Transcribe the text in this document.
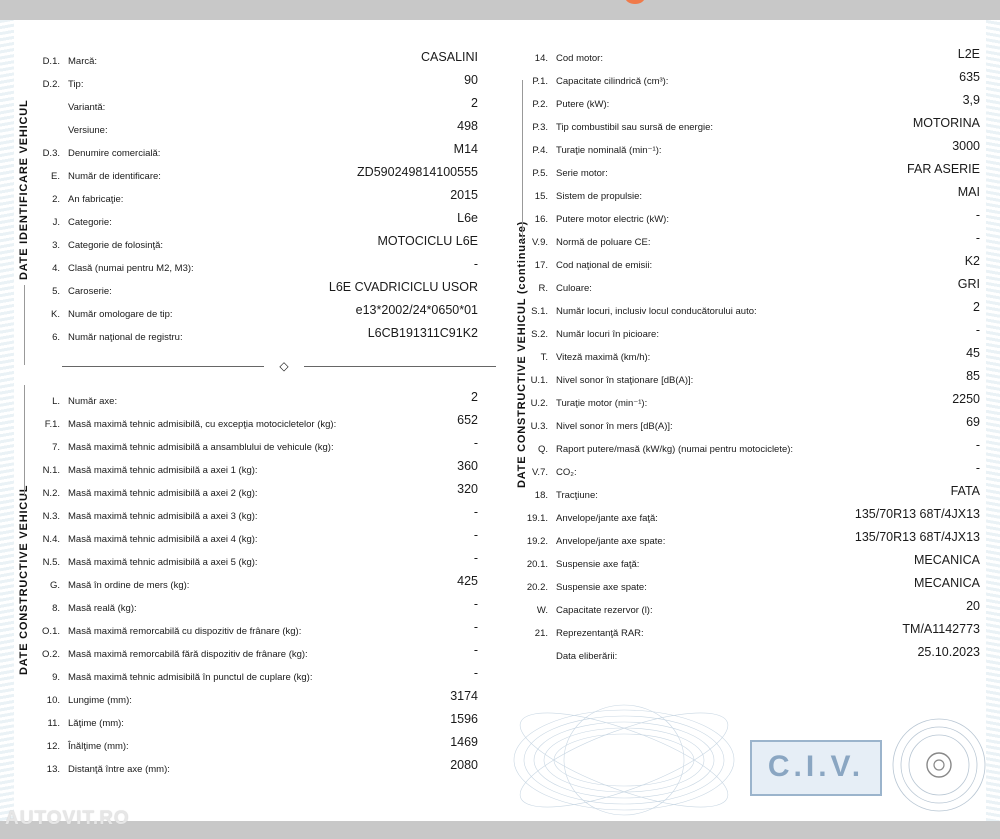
DATE IDENTIFICARE VEHICUL
DATE CONSTRUCTIVE VEHICUL
DATE CONSTRUCTIVE VEHICUL (continuare)
D.1. Marcă:	CASALINI
D.2. Tip:	90
Variantă:	2
Versiune:	498
D.3. Denumire comercială:	M14
E. Număr de identificare:	ZD590249814100555
2. An fabricaţie:	2015
J. Categorie:	L6e
3. Categorie de folosinţă:	MOTOCICLU L6E
4. Clasă (numai pentru M2, M3):	-
5. Caroserie:	L6E CVADRICICLU USOR
K. Număr omologare de tip:	e13*2002/24*0650*01
6. Număr naţional de registru:	L6CB191311C91K2
◇
L. Număr axe:	2
F.1. Masă maximă tehnic admisibilă, cu excepţia motocicletelor (kg):	652
7. Masă maximă tehnic admisibilă a ansamblului de vehicule (kg):	-
N.1. Masă maximă tehnic admisibilă a axei 1 (kg):	360
N.2. Masă maximă tehnic admisibilă a axei 2 (kg):	320
N.3. Masă maximă tehnic admisibilă a axei 3 (kg):	-
N.4. Masă maximă tehnic admisibilă a axei 4 (kg):	-
N.5. Masă maximă tehnic admisibilă a axei 5 (kg):	-
G. Masă în ordine de mers (kg):	425
8. Masă reală (kg):	-
O.1. Masă maximă remorcabilă cu dispozitiv de frânare (kg):	-
O.2. Masă maximă remorcabilă fără dispozitiv de frânare (kg):	-
9. Masă maximă tehnic admisibilă în punctul de cuplare (kg):	-
10. Lungime (mm):	3174
11. Lăţime (mm):	1596
12. Înălţime (mm):	1469
13. Distanţă între axe (mm):	2080
14. Cod motor:	L2E
P.1. Capacitate cilindrică (cm³):	635
P.2. Putere (kW):	3,9
P.3. Tip combustibil sau sursă de energie:	MOTORINA
P.4. Turaţie nominală (min⁻¹):	3000
P.5. Serie motor:	FAR ASERIE
15. Sistem de propulsie:	MAI
16. Putere motor electric (kW):	-
V.9. Normă de poluare CE:	-
17. Cod naţional de emisii:	K2
R. Culoare:	GRI
S.1. Număr locuri, inclusiv locul conducătorului auto:	2
S.2. Număr locuri în picioare:	-
T. Viteză maximă (km/h):	45
U.1. Nivel sonor în staţionare [dB(A)]:	85
U.2. Turaţie motor (min⁻¹):	2250
U.3. Nivel sonor în mers [dB(A)]:	69
Q. Raport putere/masă (kW/kg) (numai pentru motociclete):	-
V.7. CO₂:	-
18. Tracţiune:	FATA
19.1. Anvelope/jante axe faţă:	135/70R13 68T/4JX13
19.2. Anvelope/jante axe spate:	135/70R13 68T/4JX13
20.1. Suspensie axe faţă:	MECANICA
20.2. Suspensie axe spate:	MECANICA
W. Capacitate rezervor (l):	20
21. Reprezentanţă RAR:	TM/A1142773
Data eliberării:	25.10.2023
C.I.V.
AUTOVIT.RO
